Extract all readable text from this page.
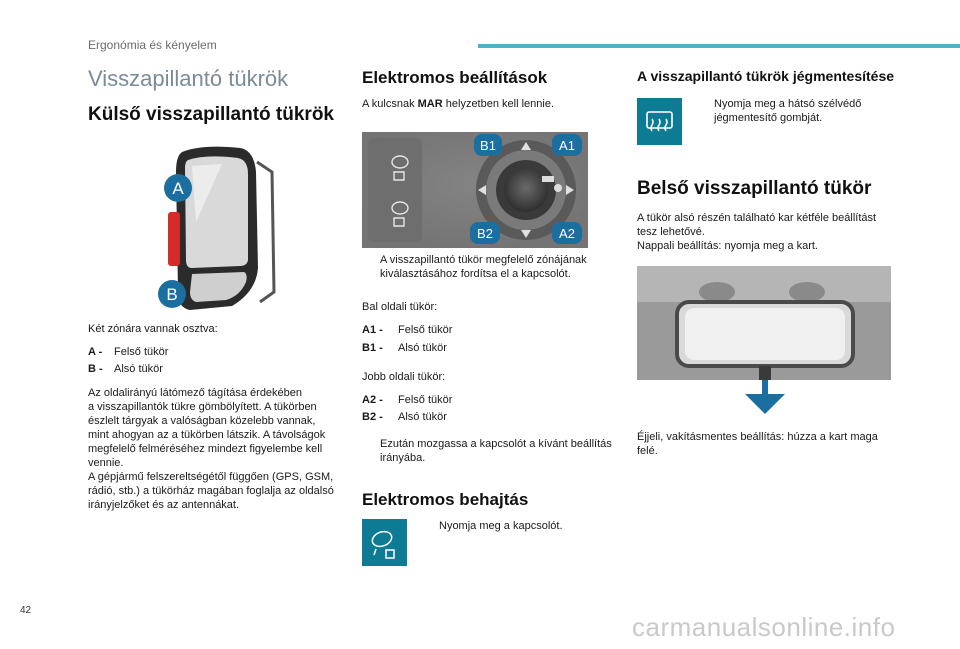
Ergonómia és kényelem
Visszapillantó tükrök
Külső visszapillantó tükrök
A
B
Két zónára vannak osztva:
A - Felső tükör
B - Alsó tükör
Az oldalirányú látómező tágítása érdekében
a visszapillantók tükre gömbölyített. A tükörben
észlelt tárgyak a valóságban közelebb vannak,
mint ahogyan az a tükörben látszik. A távolságok
megfelelő felméréséhez mindezt figyelembe kell
vennie.
A gépjármű felszereltségétől függően (GPS, GSM,
rádió, stb.) a tükörház magában foglalja az oldalsó
irányjelzőket és az antennákat.
Elektromos beállítások
A kulcsnak MAR helyzetben kell lennie.
B1	A1
B2	A2
A visszapillantó tükör megfelelő zónájának
kiválasztásához fordítsa el a kapcsolót.
Bal oldali tükör:
A1 - Felső tükör
B1 - Alsó tükör
Jobb oldali tükör:
A2 - Felső tükör
B2 - Alsó tükör
Ezután mozgassa a kapcsolót a kívánt beállítás
irányába.
Elektromos behajtás
Nyomja meg a kapcsolót.
A visszapillantó tükrök jégmentesítése
Nyomja meg a hátsó szélvédő
jégmentesítő gombját.
Belső visszapillantó tükör
A tükör alsó részén található kar kétféle beállítást
tesz lehetővé.
Nappali beállítás: nyomja meg a kart.
Éjjeli, vakításmentes beállítás: húzza a kart maga
felé.
42
carmanualsonline.info
